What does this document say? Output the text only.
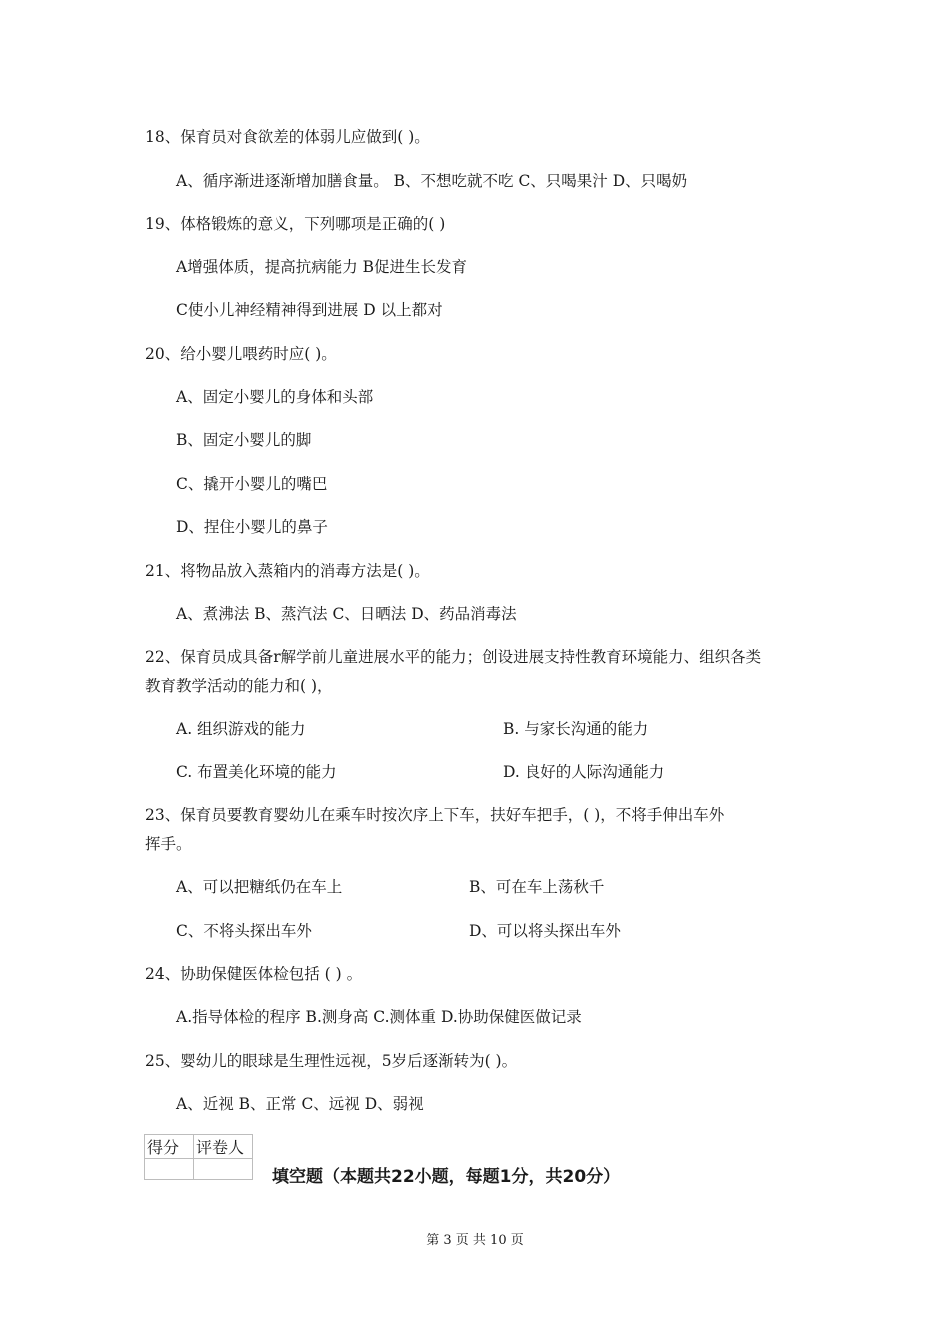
18、保育员对食欲差的体弱儿应做到( )。
A、循序渐进逐渐增加膳食量。 B、不想吃就不吃 C、只喝果汁 D、只喝奶
19、体格锻炼的意义，下列哪项是正确的( )
A增强体质，提高抗病能力 B促进生长发育
C使小儿神经精神得到进展 D 以上都对
20、给小婴儿喂药时应( )。
A、固定小婴儿的身体和头部
B、固定小婴儿的脚
C、撬开小婴儿的嘴巴
D、捏住小婴儿的鼻子
21、将物品放入蒸箱内的消毒方法是( )。
A、煮沸法 B、蒸汽法 C、日晒法 D、药品消毒法
22、保育员成具备r解学前儿童进展水平的能力；创设进展支持性教育环境能力、组织各类
教育教学活动的能力和( )，
A. 组织游戏的能力	B. 与家长沟通的能力
C. 布置美化环境的能力	D. 良好的人际沟通能力
23、保育员要教育婴幼儿在乘车时按次序上下车，扶好车把手，( )，不将手伸出车外
挥手。
A、可以把糖纸仍在车上	B、可在车上荡秋千
C、不将头探出车外	D、可以将头探出车外
24、协助保健医体检包括 ( ) 。
A.指导体检的程序 B.测身高 C.测体重 D.协助保健医做记录
25、婴幼儿的眼球是生理性远视，5岁后逐渐转为( )。
A、近视 B、正常 C、远视 D、弱视
得分	评卷人

填空题（本题共22小题，每题1分，共20分）
第 3 页 共 10 页
